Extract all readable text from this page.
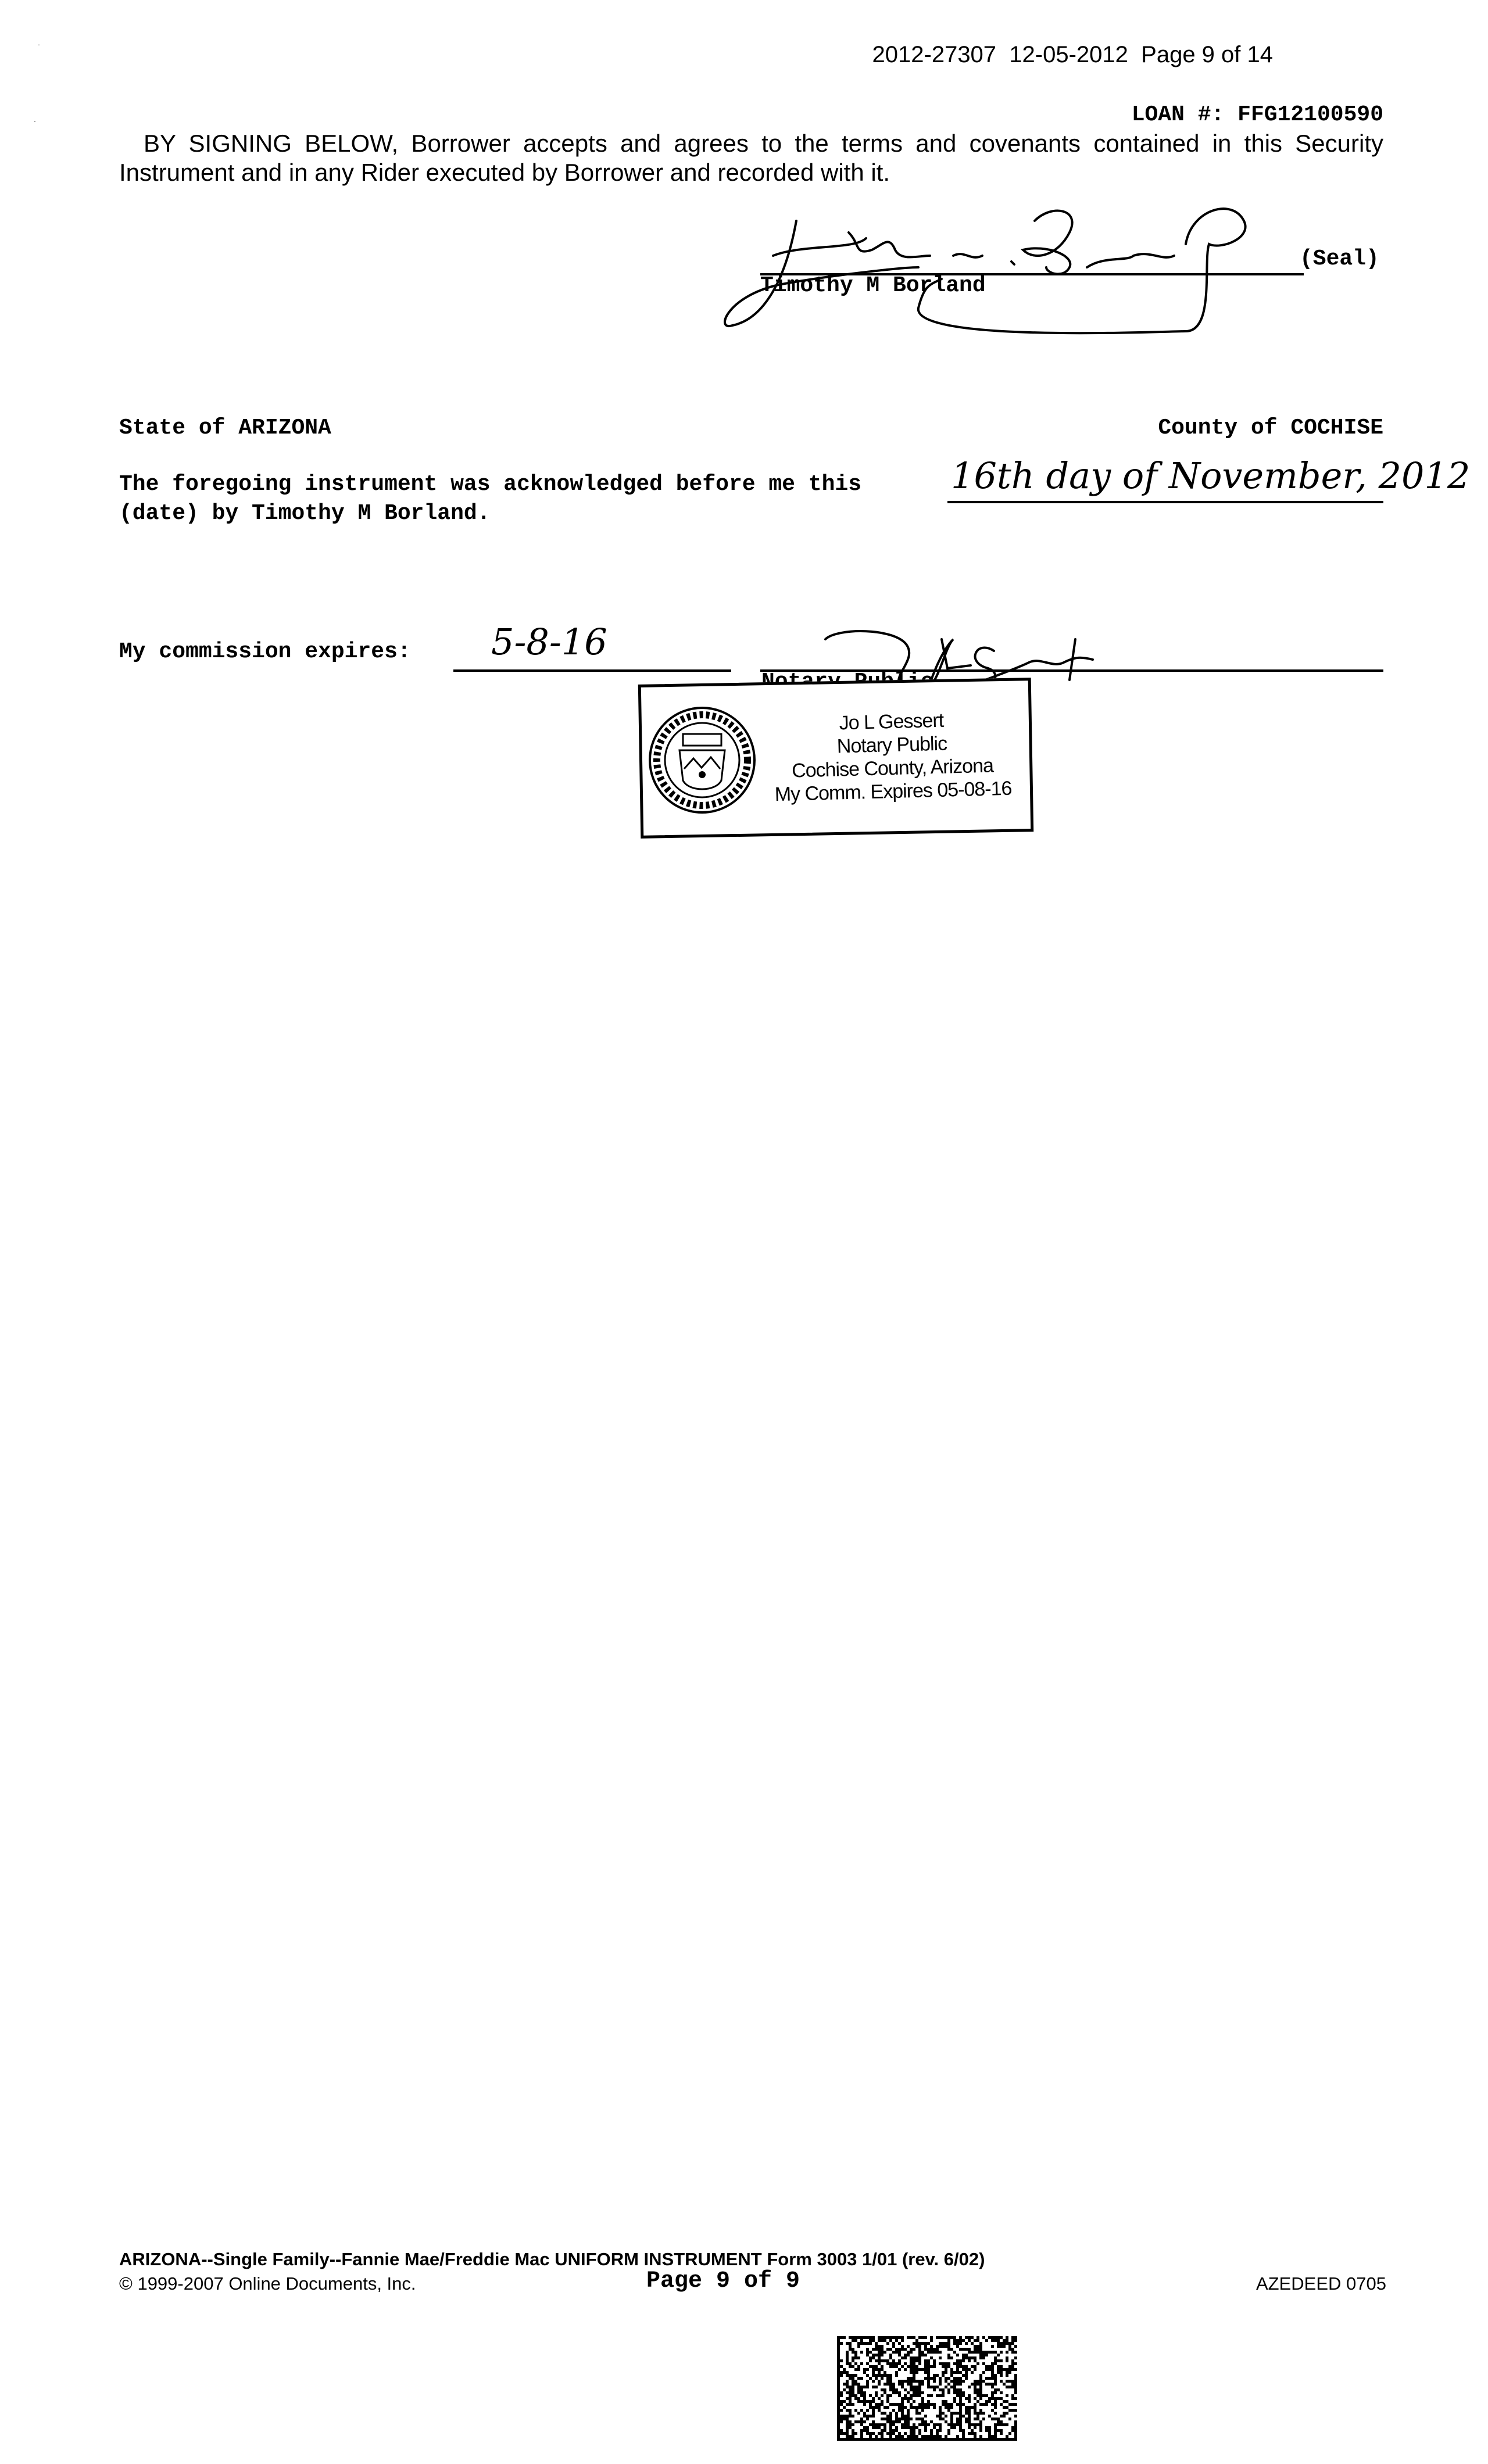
·
·
2012-27307 12-05-2012 Page 9 of 14
LOAN #: FFG12100590
BY SIGNING BELOW, Borrower accepts and agrees to the terms and covenants contained in this Security Instrument and in any Rider executed by Borrower and recorded with it.
(Seal)
Timothy M Borland
State of ARIZONA	County of COCHISE
The foregoing instrument was acknowledged before me this 16th day of November, 2012
(date) by Timothy M Borland.
My commission expires: 5-8-16
Jo L Gessert
Notary Public
Cochise County, Arizona
My Comm. Expires 05-08-16
ARIZONA--Single Family--Fannie Mae/Freddie Mac UNIFORM INSTRUMENT Form 3003 1/01 (rev. 6/02)
© 1999-2007 Online Documents, Inc.	Page 9 of 9	AZEDEED 0705
